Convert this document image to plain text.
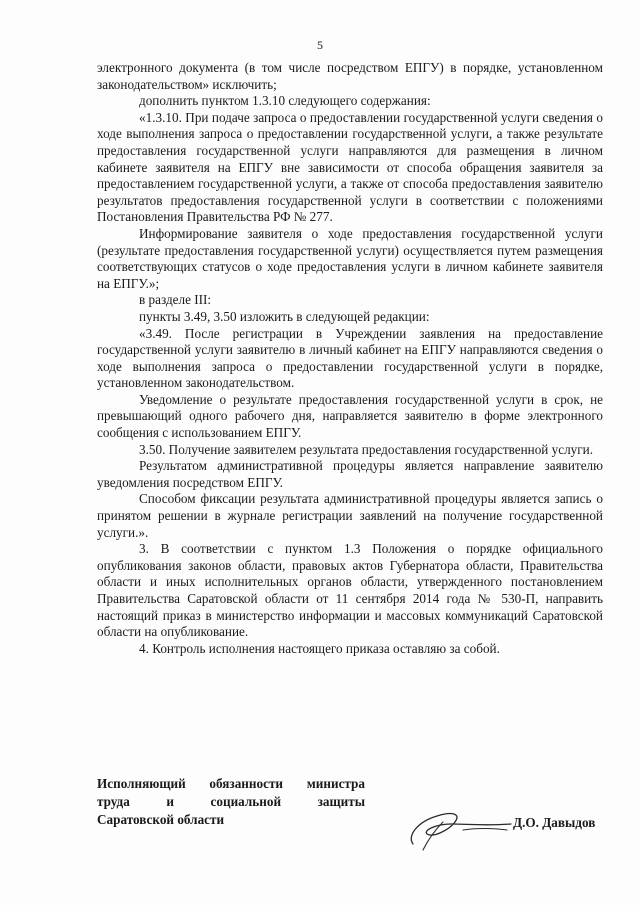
5

электронного документа (в том числе посредством ЕПГУ) в порядке, установленном законодательством» исключить;

дополнить пунктом 1.3.10 следующего содержания:

«1.3.10. При подаче запроса о предоставлении государственной услуги сведения о ходе выполнения запроса о предоставлении государственной услуги, а также результате предоставления государственной услуги направляются для размещения в личном кабинете заявителя на ЕПГУ вне зависимости от способа обращения заявителя за предоставлением государственной услуги, а также от способа предоставления заявителю результатов предоставления государственной услуги в соответствии с положениями Постановления Правительства РФ № 277.

Информирование заявителя о ходе предоставления государственной услуги (результате предоставления государственной услуги) осуществляется путем размещения соответствующих статусов о ходе предоставления услуги в личном кабинете заявителя на ЕПГУ.»;

в разделе III:

пункты 3.49, 3.50 изложить в следующей редакции:

«3.49. После регистрации в Учреждении заявления на предоставление государственной услуги заявителю в личный кабинет на ЕПГУ направляются сведения о ходе выполнения запроса о предоставлении государственной услуги в порядке, установленном законодательством.

Уведомление о результате предоставления государственной услуги в срок, не превышающий одного рабочего дня, направляется заявителю в форме электронного сообщения с использованием ЕПГУ.

3.50. Получение заявителем результата предоставления государственной услуги.

Результатом административной процедуры является направление заявителю уведомления посредством ЕПГУ.

Способом фиксации результата административной процедуры является запись о принятом решении в журнале регистрации заявлений на получение государственной услуги.».

3. В соответствии с пунктом 1.3 Положения о порядке официального опубликования законов области, правовых актов Губернатора области, Правительства области и иных исполнительных органов области, утвержденного постановлением Правительства Саратовской области от 11 сентября 2014 года № 530-П, направить настоящий приказ в министерство информации и массовых коммуникаций Саратовской области на опубликование.

4. Контроль исполнения настоящего приказа оставляю за собой.

Исполняющий обязанности министра

труда и социальной защиты

Саратовской области	Д.О. Давыдов
